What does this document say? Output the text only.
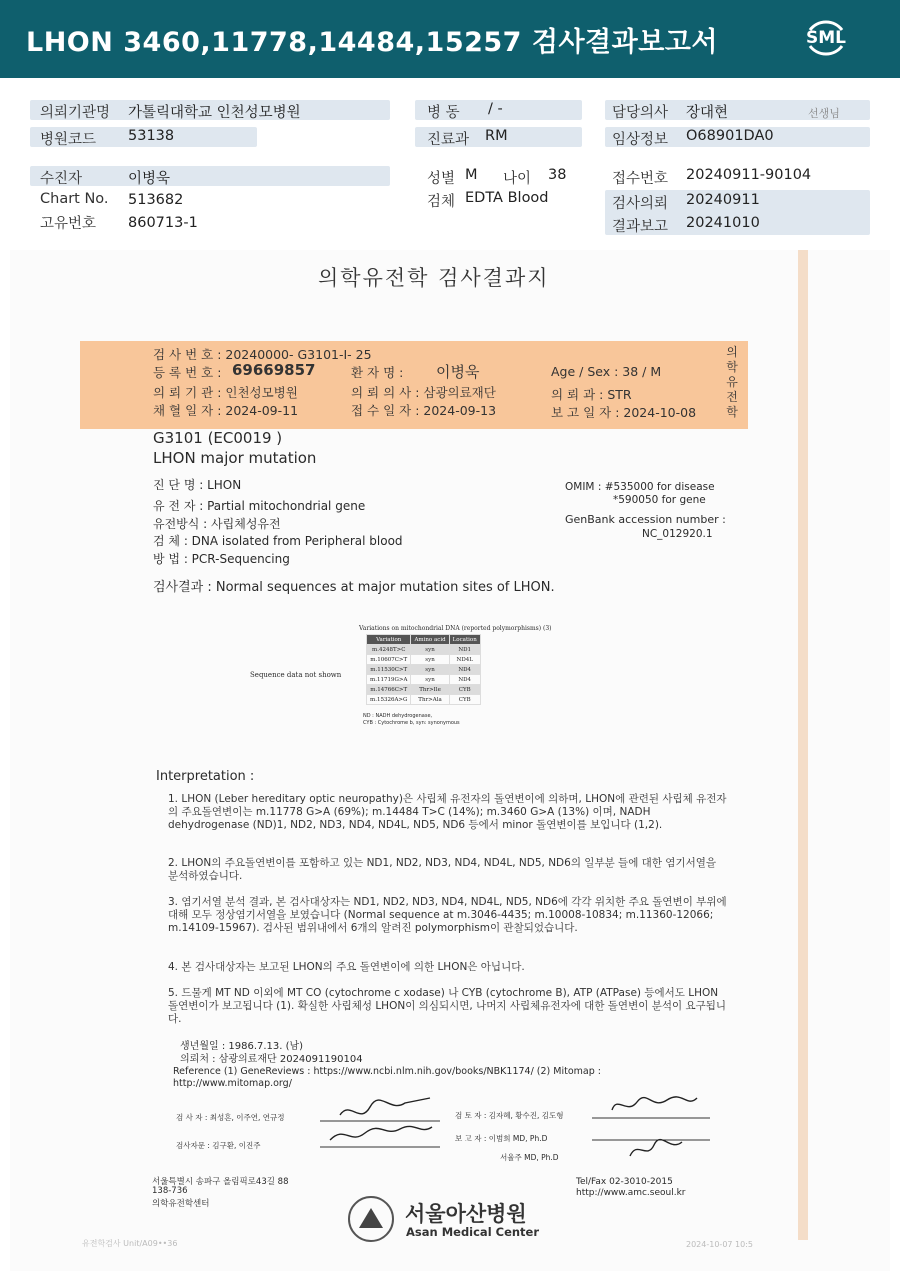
LHON 3460,11778,14484,15257 검사결과보고서	SML
의뢰기관명 가톨릭대학교 인천성모병원
병원코드 53138
수진자	이병욱
Chart No. 513682
고유번호 860713-1
병 동 / -
진료과 RM
성별 M 나이 38
검체 EDTA Blood
담당의사 장대현	선생님
임상정보 O68901DA0
접수번호 20240911-90104
검사의뢰 20240911
결과보고 20241010
의학유전학 검사결과지
검 사 번 호 : 20240000- G3101-I- 25
등 록 번 호 : 69669857	환 자 명 : 이병욱	Age / Sex : 38 / M
의 뢰 기 관 : 인천성모병원	의 뢰 의 사 : 삼광의료재단	의 뢰 과 : STR
채 혈 일 자 : 2024-09-11	접 수 일 자 : 2024-09-13	보 고 일 자 : 2024-10-08
의
학
유
전
학
G3101 (EC0019 )
LHON major mutation
진 단 명 : LHON
유 전 자 : Partial mitochondrial gene
유전방식 : 사립체성유전
검 체 : DNA isolated from Peripheral blood
방 법 : PCR-Sequencing
OMIM : #535000 for disease
*590050 for gene
GenBank accession number :
NC_012920.1
검사결과 : Normal sequences at major mutation sites of LHON.
Variations on mitochondrial DNA (reported polymorphisms) (3)
Sequence data not shown
Variation	Amino acid	Location
m.4248T>C	syn	ND1
m.10607C>T	syn	ND4L
m.11530C>T	syn	ND4
m.11719G>A	syn	ND4
m.14766C>T	Thr>Ile	CYB
m.15326A>G	Thr>Ala	CYB
ND : NADH dehydrogenase,
CYB : Cytochrome b, syn: synonymous
Interpretation :
1. LHON (Leber hereditary optic neuropathy)은 사립체 유전자의 돌연변이에 의하며, LHON에 관련된 사립체 유전자의 주요돌연변이는 m.11778 G>A (69%); m.14484 T>C (14%); m.3460 G>A (13%) 이며, NADH dehydrogenase (ND)1, ND2, ND3, ND4, ND4L, ND5, ND6 등에서 minor 돌연변이를 보입니다 (1,2).
2. LHON의 주요돌연변이를 포함하고 있는 ND1, ND2, ND3, ND4, ND4L, ND5, ND6의 일부분 들에 대한 염기서열을 분석하였습니다.
3. 염기서열 분석 결과, 본 검사대상자는 ND1, ND2, ND3, ND4, ND4L, ND5, ND6에 각각 위치한 주요 돌연변이 부위에 대해 모두 정상염기서열을 보였습니다 (Normal sequence at m.3046-4435; m.10008-10834; m.11360-12066; m.14109-15967). 검사된 범위내에서 6개의 알려진 polymorphism이 관찰되었습니다.
4. 본 검사대상자는 보고된 LHON의 주요 돌연변이에 의한 LHON은 아닙니다.
5. 드물게 MT ND 이외에 MT CO (cytochrome c xodase) 나 CYB (cytochrome B), ATP (ATPase) 등에서도 LHON 돌연변이가 보고됩니다 (1). 확실한 사립체성 LHON이 의심되시면, 나머지 사립체유전자에 대한 돌연변이 분석이 요구됩니다.
생년월일 : 1986.7.13. (남)
의뢰처 : 삼광의료재단 2024091190104
Reference (1) GeneReviews : https://www.ncbi.nlm.nih.gov/books/NBK1174/ (2) Mitomap :
http://www.mitomap.org/
검 사 자 : 최성흔, 이주연, 연규정
검사자문 : 김구환, 이진주
검 토 자 : 김자혜, 황수진, 김도형
보 고 자 : 이범희 MD, Ph.D
서율주 MD, Ph.D
서울특별시 송파구 올림픽로43길 88
138-736
의학유전학센터
Tel/Fax 02-3010-2015
http://www.amc.seoul.kr
서울아산병원
Asan Medical Center
유전학검사 Unit/A09••36	2024-10-07 10:5
